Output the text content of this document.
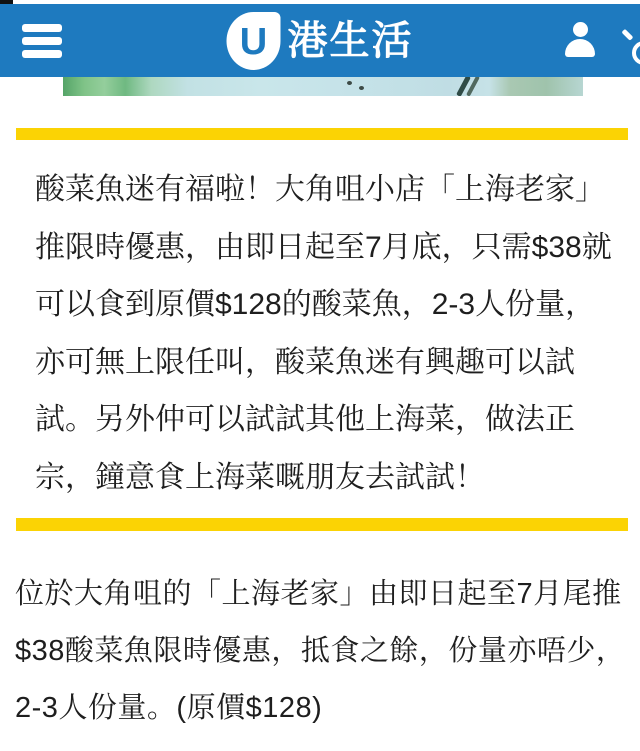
U 港生活
酸菜魚迷有福啦！大角咀小店「上海老家」
推限時優惠，由即日起至7月底，只需$38就
可以食到原價$128的酸菜魚，2-3人份量，
亦可無上限任叫，酸菜魚迷有興趣可以試
試。另外仲可以試試其他上海菜，做法正
宗，鐘意食上海菜嘅朋友去試試！
位於大角咀的「上海老家」由即日起至7月尾推
$38酸菜魚限時優惠，抵食之餘，份量亦唔少，
2-3人份量。(原價$128)
